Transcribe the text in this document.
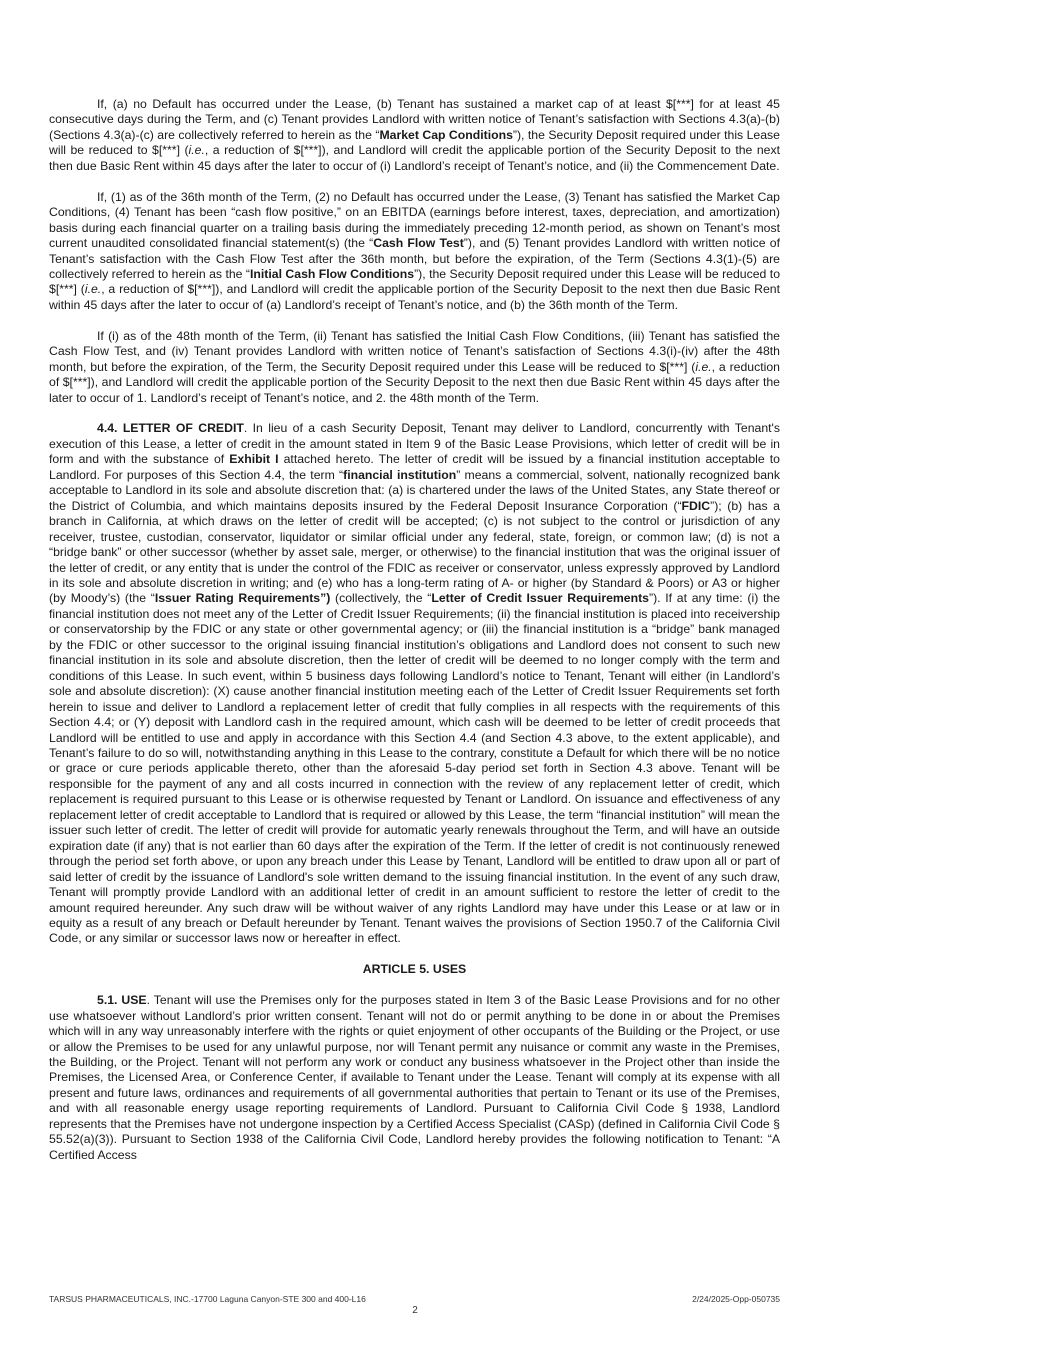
If, (a) no Default has occurred under the Lease, (b) Tenant has sustained a market cap of at least $[***] for at least 45 consecutive days during the Term, and (c) Tenant provides Landlord with written notice of Tenant’s satisfaction with Sections 4.3(a)-(b) (Sections 4.3(a)-(c) are collectively referred to herein as the “Market Cap Conditions”), the Security Deposit required under this Lease will be reduced to $[***] (i.e., a reduction of $[***]), and Landlord will credit the applicable portion of the Security Deposit to the next then due Basic Rent within 45 days after the later to occur of (i) Landlord’s receipt of Tenant’s notice, and (ii) the Commencement Date.

If, (1) as of the 36th month of the Term, (2) no Default has occurred under the Lease, (3) Tenant has satisfied the Market Cap Conditions, (4) Tenant has been “cash flow positive,” on an EBITDA (earnings before interest, taxes, depreciation, and amortization) basis during each financial quarter on a trailing basis during the immediately preceding 12-month period, as shown on Tenant’s most current unaudited consolidated financial statement(s) (the “Cash Flow Test”), and (5) Tenant provides Landlord with written notice of Tenant’s satisfaction with the Cash Flow Test after the 36th month, but before the expiration, of the Term (Sections 4.3(1)-(5) are collectively referred to herein as the “Initial Cash Flow Conditions”), the Security Deposit required under this Lease will be reduced to $[***] (i.e., a reduction of $[***]), and Landlord will credit the applicable portion of the Security Deposit to the next then due Basic Rent within 45 days after the later to occur of (a) Landlord’s receipt of Tenant’s notice, and (b) the 36th month of the Term.

If (i) as of the 48th month of the Term, (ii) Tenant has satisfied the Initial Cash Flow Conditions, (iii) Tenant has satisfied the Cash Flow Test, and (iv) Tenant provides Landlord with written notice of Tenant’s satisfaction of Sections 4.3(i)-(iv) after the 48th month, but before the expiration, of the Term, the Security Deposit required under this Lease will be reduced to $[***] (i.e., a reduction of $[***]), and Landlord will credit the applicable portion of the Security Deposit to the next then due Basic Rent within 45 days after the later to occur of 1. Landlord’s receipt of Tenant’s notice, and 2. the 48th month of the Term.

4.4. LETTER OF CREDIT. In lieu of a cash Security Deposit, Tenant may deliver to Landlord, concurrently with Tenant's execution of this Lease, a letter of credit in the amount stated in Item 9 of the Basic Lease Provisions, which letter of credit will be in form and with the substance of Exhibit I attached hereto. The letter of credit will be issued by a financial institution acceptable to Landlord. For purposes of this Section 4.4, the term “financial institution” means a commercial, solvent, nationally recognized bank acceptable to Landlord in its sole and absolute discretion that: (a) is chartered under the laws of the United States, any State thereof or the District of Columbia, and which maintains deposits insured by the Federal Deposit Insurance Corporation (“FDIC”); (b) has a branch in California, at which draws on the letter of credit will be accepted; (c) is not subject to the control or jurisdiction of any receiver, trustee, custodian, conservator, liquidator or similar official under any federal, state, foreign, or common law; (d) is not a “bridge bank” or other successor (whether by asset sale, merger, or otherwise) to the financial institution that was the original issuer of the letter of credit, or any entity that is under the control of the FDIC as receiver or conservator, unless expressly approved by Landlord in its sole and absolute discretion in writing; and (e) who has a long-term rating of A- or higher (by Standard & Poors) or A3 or higher (by Moody’s) (the “Issuer Rating Requirements”) (collectively, the “Letter of Credit Issuer Requirements”). If at any time: (i) the financial institution does not meet any of the Letter of Credit Issuer Requirements; (ii) the financial institution is placed into receivership or conservatorship by the FDIC or any state or other governmental agency; or (iii) the financial institution is a “bridge” bank managed by the FDIC or other successor to the original issuing financial institution’s obligations and Landlord does not consent to such new financial institution in its sole and absolute discretion, then the letter of credit will be deemed to no longer comply with the term and conditions of this Lease. In such event, within 5 business days following Landlord’s notice to Tenant, Tenant will either (in Landlord’s sole and absolute discretion): (X) cause another financial institution meeting each of the Letter of Credit Issuer Requirements set forth herein to issue and deliver to Landlord a replacement letter of credit that fully complies in all respects with the requirements of this Section 4.4; or (Y) deposit with Landlord cash in the required amount, which cash will be deemed to be letter of credit proceeds that Landlord will be entitled to use and apply in accordance with this Section 4.4 (and Section 4.3 above, to the extent applicable), and Tenant’s failure to do so will, notwithstanding anything in this Lease to the contrary, constitute a Default for which there will be no notice or grace or cure periods applicable thereto, other than the aforesaid 5-day period set forth in Section 4.3 above. Tenant will be responsible for the payment of any and all costs incurred in connection with the review of any replacement letter of credit, which replacement is required pursuant to this Lease or is otherwise requested by Tenant or Landlord. On issuance and effectiveness of any replacement letter of credit acceptable to Landlord that is required or allowed by this Lease, the term “financial institution” will mean the issuer such letter of credit. The letter of credit will provide for automatic yearly renewals throughout the Term, and will have an outside expiration date (if any) that is not earlier than 60 days after the expiration of the Term. If the letter of credit is not continuously renewed through the period set forth above, or upon any breach under this Lease by Tenant, Landlord will be entitled to draw upon all or part of said letter of credit by the issuance of Landlord's sole written demand to the issuing financial institution. In the event of any such draw, Tenant will promptly provide Landlord with an additional letter of credit in an amount sufficient to restore the letter of credit to the amount required hereunder. Any such draw will be without waiver of any rights Landlord may have under this Lease or at law or in equity as a result of any breach or Default hereunder by Tenant. Tenant waives the provisions of Section 1950.7 of the California Civil Code, or any similar or successor laws now or hereafter in effect.

ARTICLE 5. USES

5.1. USE. Tenant will use the Premises only for the purposes stated in Item 3 of the Basic Lease Provisions and for no other use whatsoever without Landlord’s prior written consent. Tenant will not do or permit anything to be done in or about the Premises which will in any way unreasonably interfere with the rights or quiet enjoyment of other occupants of the Building or the Project, or use or allow the Premises to be used for any unlawful purpose, nor will Tenant permit any nuisance or commit any waste in the Premises, the Building, or the Project. Tenant will not perform any work or conduct any business whatsoever in the Project other than inside the Premises, the Licensed Area, or Conference Center, if available to Tenant under the Lease. Tenant will comply at its expense with all present and future laws, ordinances and requirements of all governmental authorities that pertain to Tenant or its use of the Premises, and with all reasonable energy usage reporting requirements of Landlord. Pursuant to California Civil Code § 1938, Landlord represents that the Premises have not undergone inspection by a Certified Access Specialist (CASp) (defined in California Civil Code § 55.52(a)(3)). Pursuant to Section 1938 of the California Civil Code, Landlord hereby provides the following notification to Tenant: “A Certified Access

TARSUS PHARMACEUTICALS, INC.-17700 Laguna Canyon-STE 300 and 400-L16	2/24/2025-Opp-050735
2
